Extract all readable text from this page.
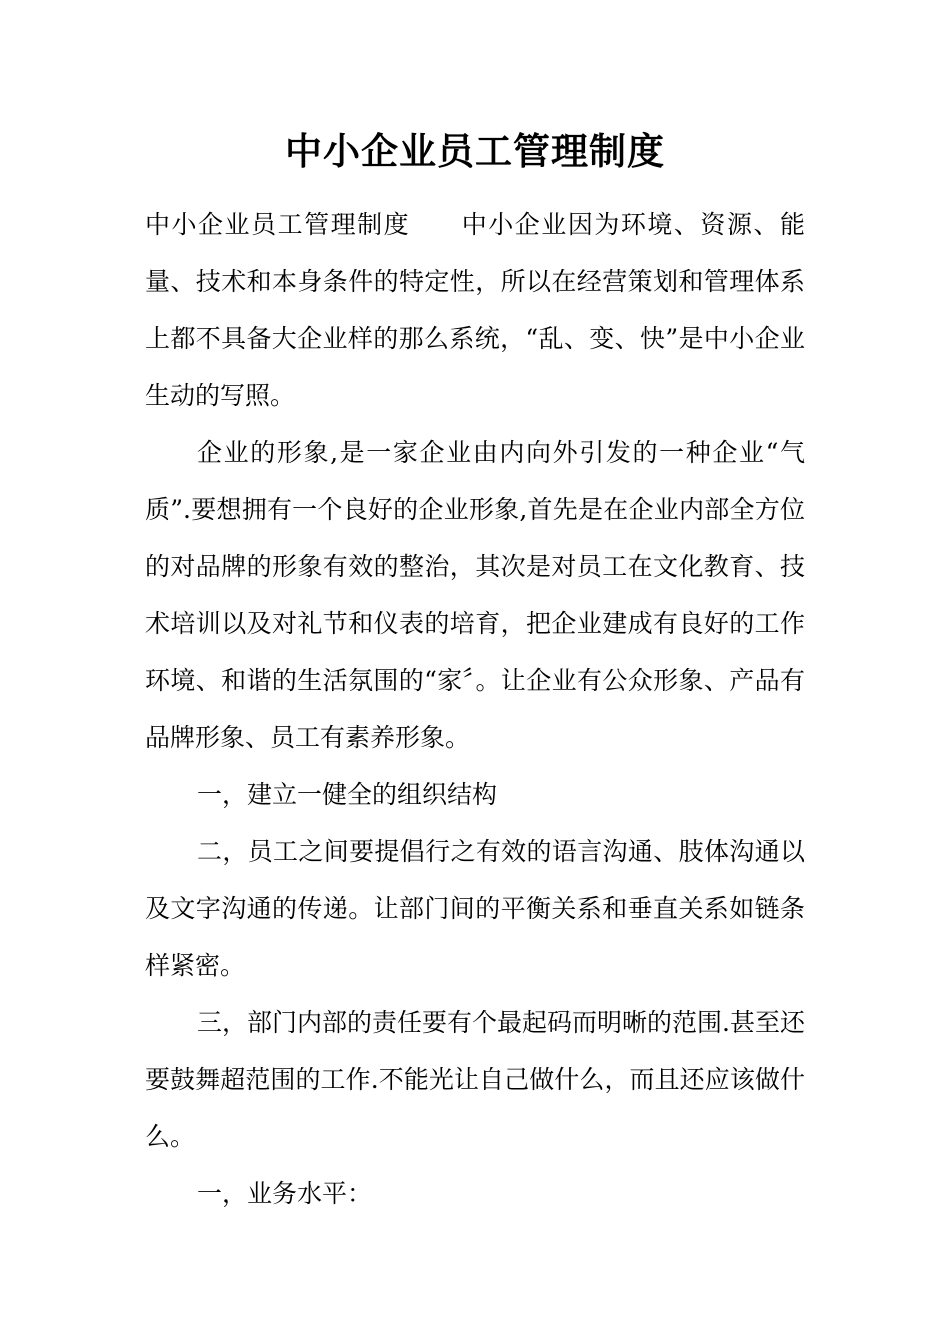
中小企业员工管理制度

中小企业员工管理制度 中小企业因为环境、资源、能量、技术和本身条件的特定性，所以在经营策划和管理体系上都不具备大企业样的那么系统，“乱、变、快”是中小企业生动的写照。

企业的形象,是一家企业由内向外引发的一种企业“气质”.要想拥有一个良好的企业形象,首先是在企业内部全方位的对品牌的形象有效的整治，其次是对员工在文化教育、技术培训以及对礼节和仪表的培育，把企业建成有良好的工作环境、和谐的生活氛围的“家〞。让企业有公众形象、产品有品牌形象、员工有素养形象。

一，建立一健全的组织结构

二，员工之间要提倡行之有效的语言沟通、肢体沟通以及文字沟通的传递。让部门间的平衡关系和垂直关系如链条样紧密。

三，部门内部的责任要有个最起码而明晰的范围.甚至还要鼓舞超范围的工作.不能光让自己做什么，而且还应该做什么。

一，业务水平：
